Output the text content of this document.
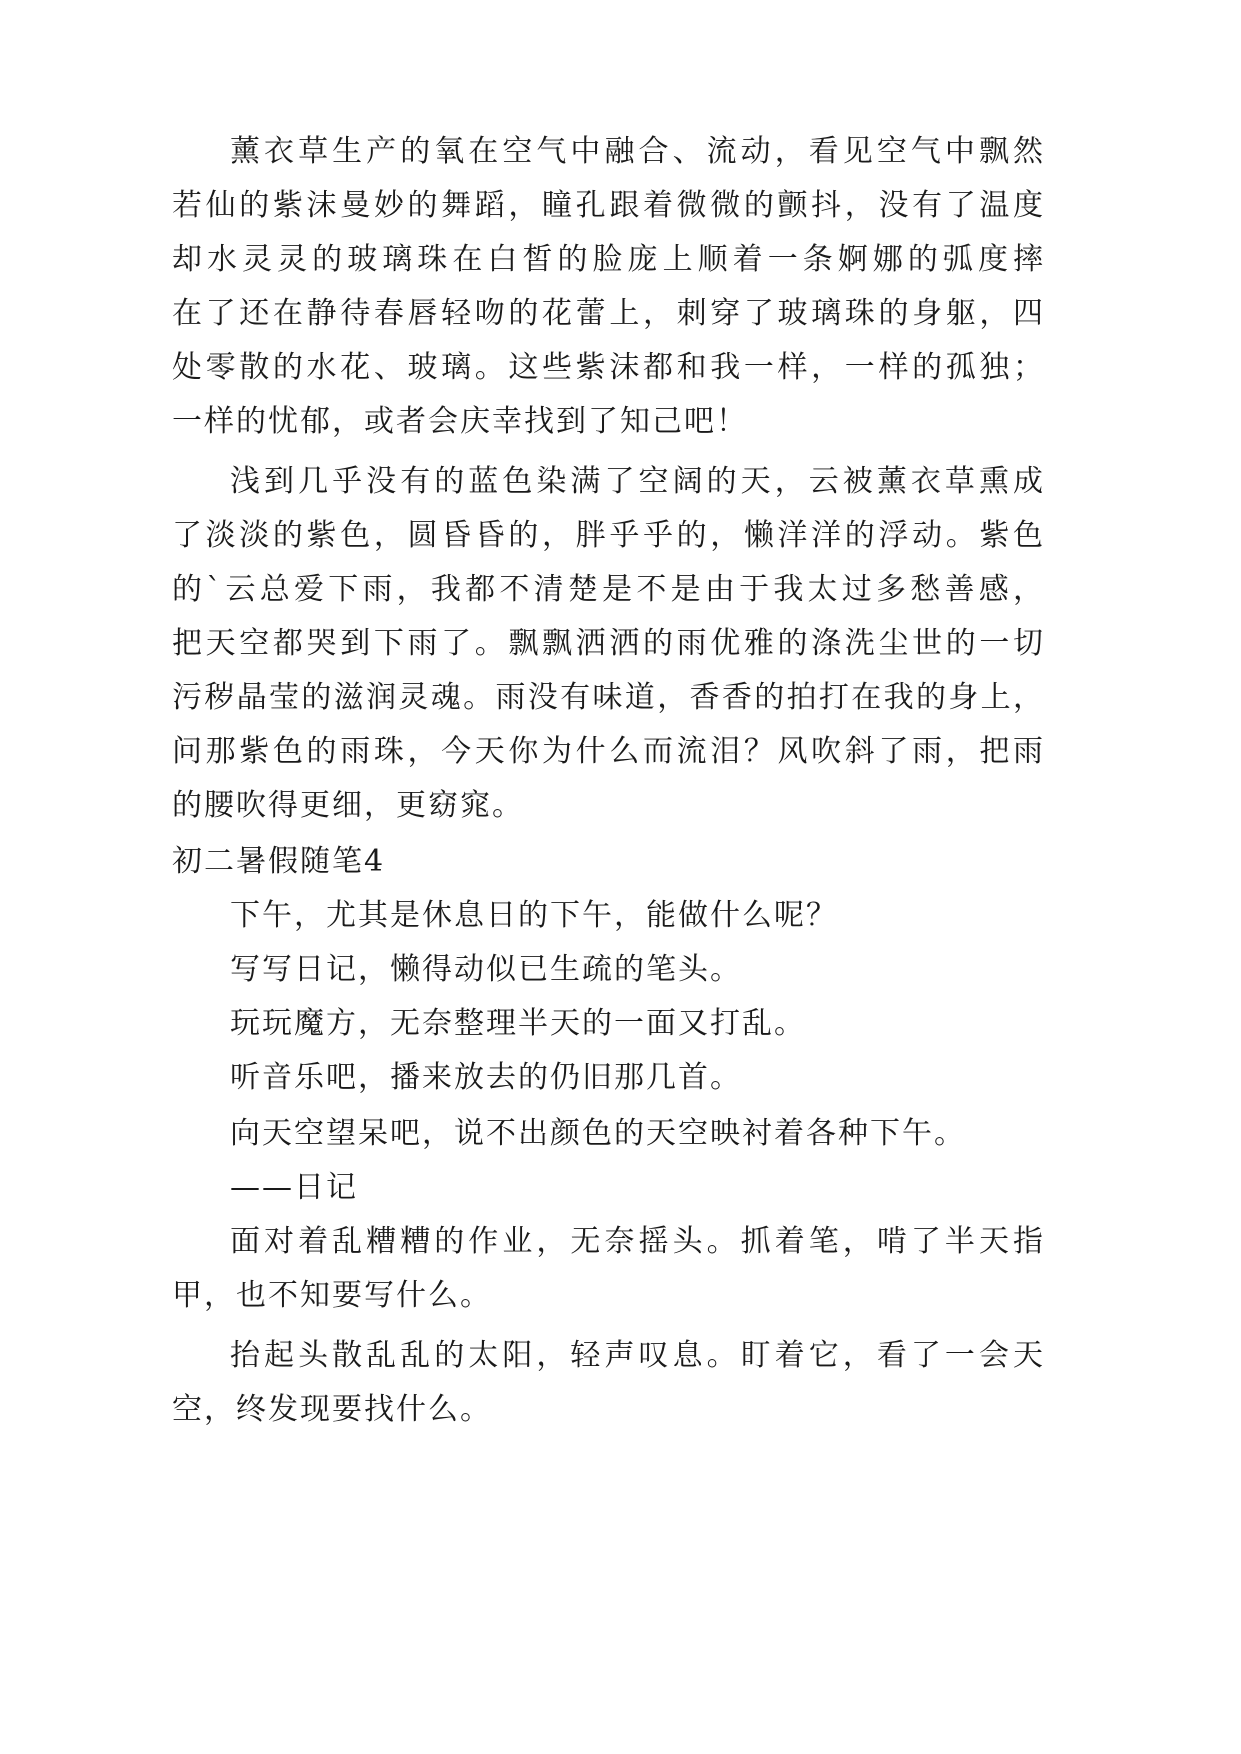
薰衣草生产的氧在空气中融合、流动，看见空气中飘然
若仙的紫沫曼妙的舞蹈，瞳孔跟着微微的颤抖，没有了温度
却水灵灵的玻璃珠在白皙的脸庞上顺着一条婀娜的弧度摔
在了还在静待春唇轻吻的花蕾上，刺穿了玻璃珠的身躯，四
处零散的水花、玻璃。这些紫沫都和我一样，一样的孤独；
一样的忧郁，或者会庆幸找到了知己吧！
浅到几乎没有的蓝色染满了空阔的天，云被薰衣草熏成
了淡淡的紫色，圆昏昏的，胖乎乎的，懒洋洋的浮动。紫色
的`云总爱下雨，我都不清楚是不是由于我太过多愁善感，
把天空都哭到下雨了。飘飘洒洒的雨优雅的涤洗尘世的一切
污秽晶莹的滋润灵魂。雨没有味道，香香的拍打在我的身上，
问那紫色的雨珠，今天你为什么而流泪？风吹斜了雨，把雨
的腰吹得更细，更窈窕。
初二暑假随笔4
下午，尤其是休息日的下午，能做什么呢？
写写日记，懒得动似已生疏的笔头。
玩玩魔方，无奈整理半天的一面又打乱。
听音乐吧，播来放去的仍旧那几首。
向天空望呆吧，说不出颜色的天空映衬着各种下午。
——日记
面对着乱糟糟的作业，无奈摇头。抓着笔，啃了半天指
甲，也不知要写什么。
抬起头散乱乱的太阳，轻声叹息。盯着它，看了一会天
空，终发现要找什么。
